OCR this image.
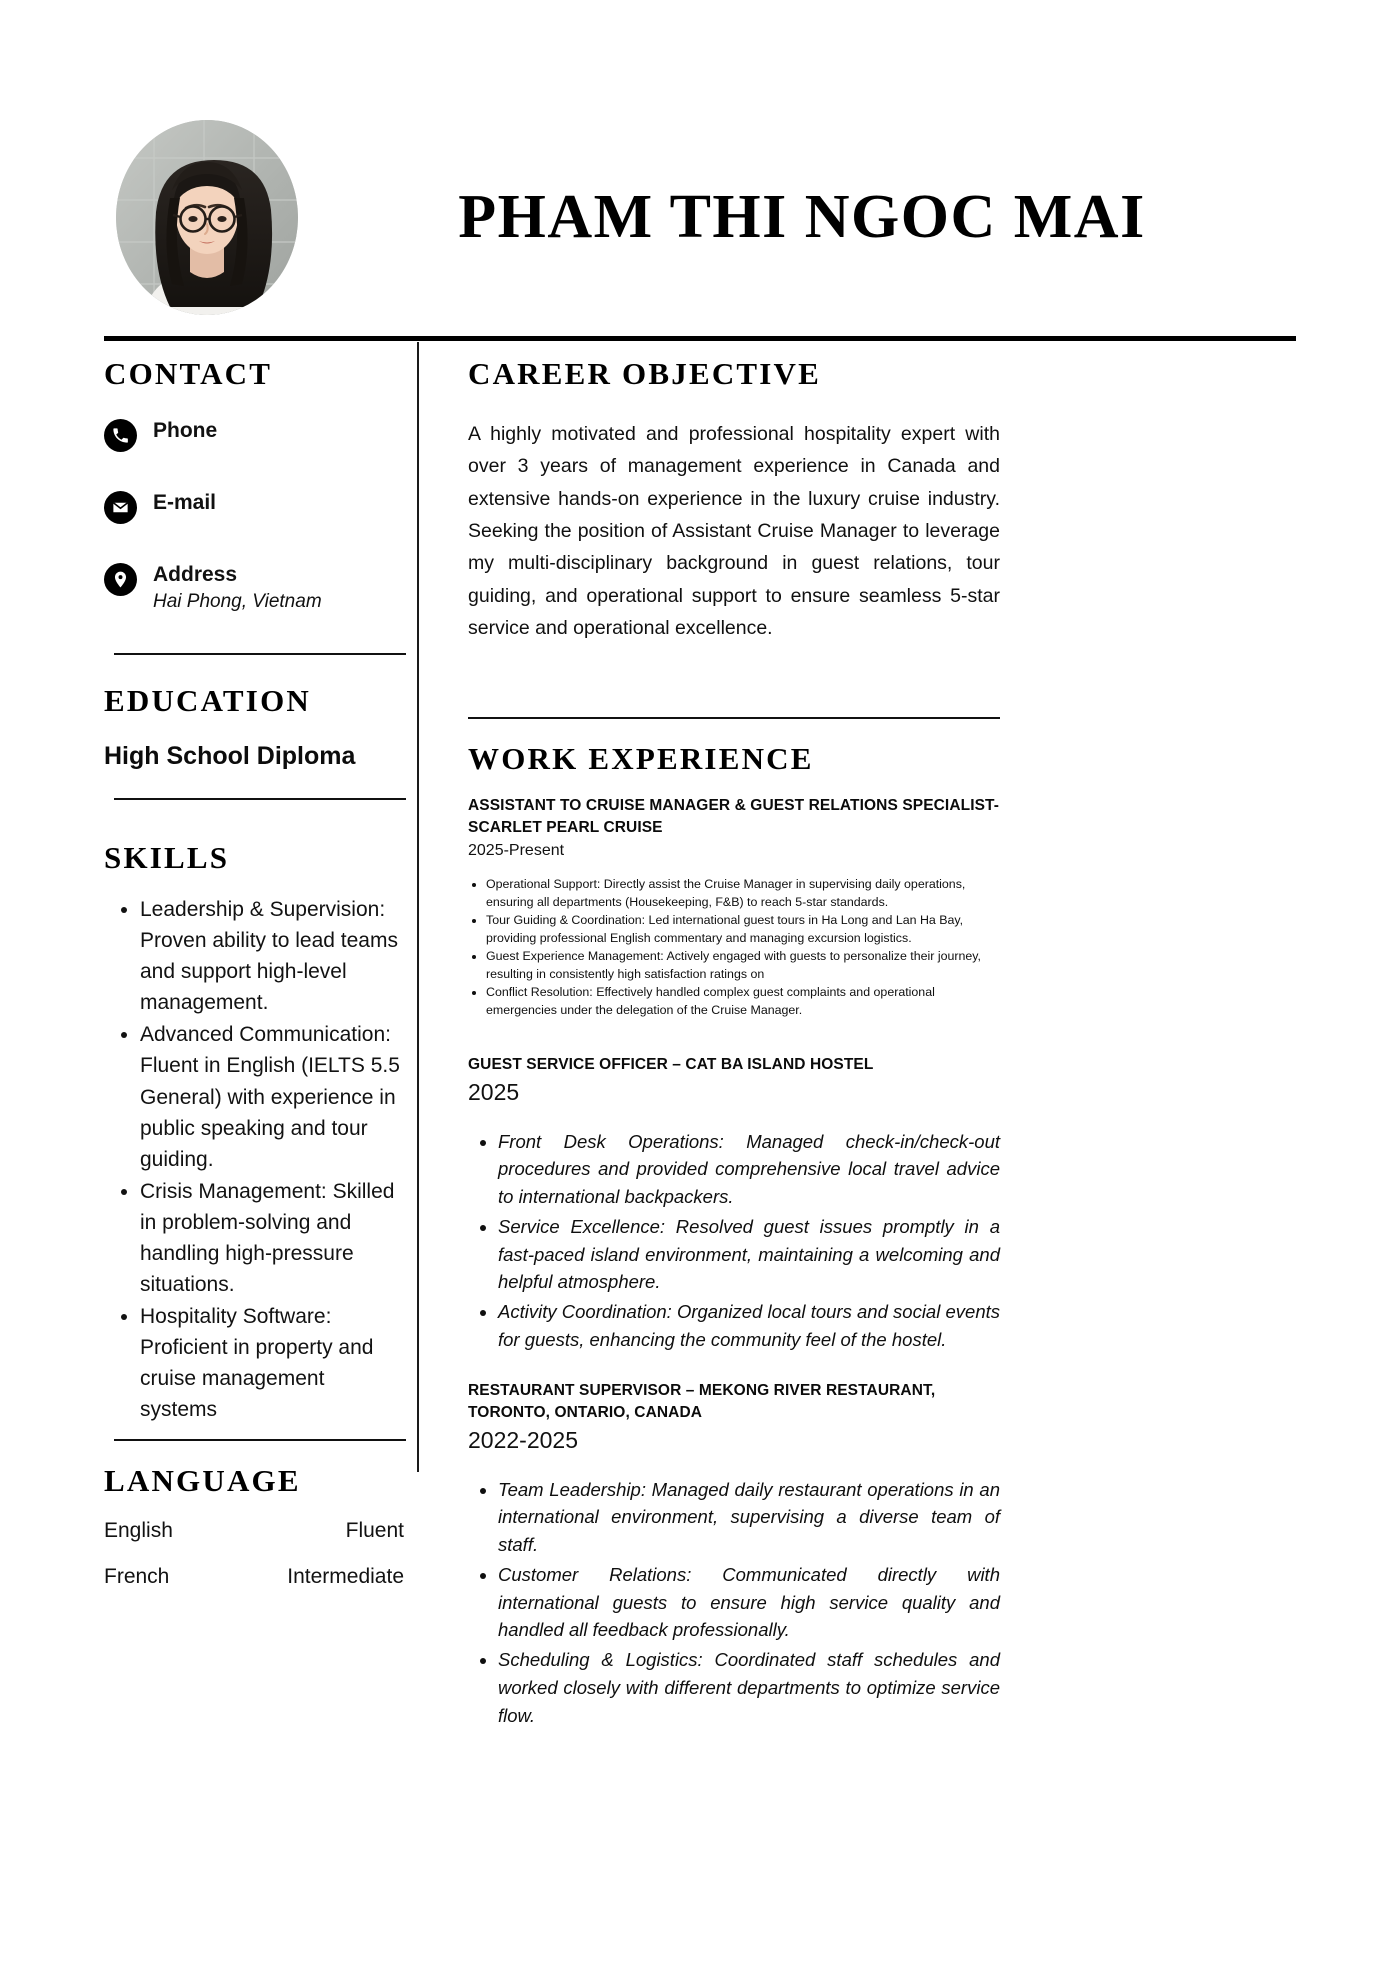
PHAM THI NGOC MAI
CONTACT
Phone
E-mail
Address
Hai Phong, Vietnam
EDUCATION
High School Diploma
SKILLS
• Leadership & Supervision: Proven ability to lead teams and support high-level management.
• Advanced Communication: Fluent in English (IELTS 5.5 General) with experience in public speaking and tour guiding.
• Crisis Management: Skilled in problem-solving and handling high-pressure situations.
• Hospitality Software: Proficient in property and cruise management systems
LANGUAGE
English	Fluent
French	Intermediate
CAREER OBJECTIVE

A highly motivated and professional hospitality expert with over 3 years of management experience in Canada and extensive hands-on experience in the luxury cruise industry. Seeking the position of Assistant Cruise Manager to leverage my multi-disciplinary background in guest relations, tour guiding, and operational support to ensure seamless 5-star service and operational excellence.

WORK EXPERIENCE
ASSISTANT TO CRUISE MANAGER & GUEST RELATIONS SPECIALIST- SCARLET PEARL CRUISE
2025-Present
• Operational Support: Directly assist the Cruise Manager in supervising daily operations, ensuring all departments (Housekeeping, F&B) to reach 5-star standards.
• Tour Guiding & Coordination: Led international guest tours in Ha Long and Lan Ha Bay, providing professional English commentary and managing excursion logistics.
• Guest Experience Management: Actively engaged with guests to personalize their journey, resulting in consistently high satisfaction ratings on
• Conflict Resolution: Effectively handled complex guest complaints and operational emergencies under the delegation of the Cruise Manager.
GUEST SERVICE OFFICER – CAT BA ISLAND HOSTEL
2025
• Front Desk Operations: Managed check-in/check-out procedures and provided comprehensive local travel advice to international backpackers.
• Service Excellence: Resolved guest issues promptly in a fast-paced island environment, maintaining a welcoming and helpful atmosphere.
• Activity Coordination: Organized local tours and social events for guests, enhancing the community feel of the hostel.
RESTAURANT SUPERVISOR – MEKONG RIVER RESTAURANT, TORONTO, ONTARIO, CANADA
2022-2025
• Team Leadership: Managed daily restaurant operations in an international environment, supervising a diverse team of staff.
• Customer Relations: Communicated directly with international guests to ensure high service quality and handled all feedback professionally.
• Scheduling & Logistics: Coordinated staff schedules and worked closely with different departments to optimize service flow.
